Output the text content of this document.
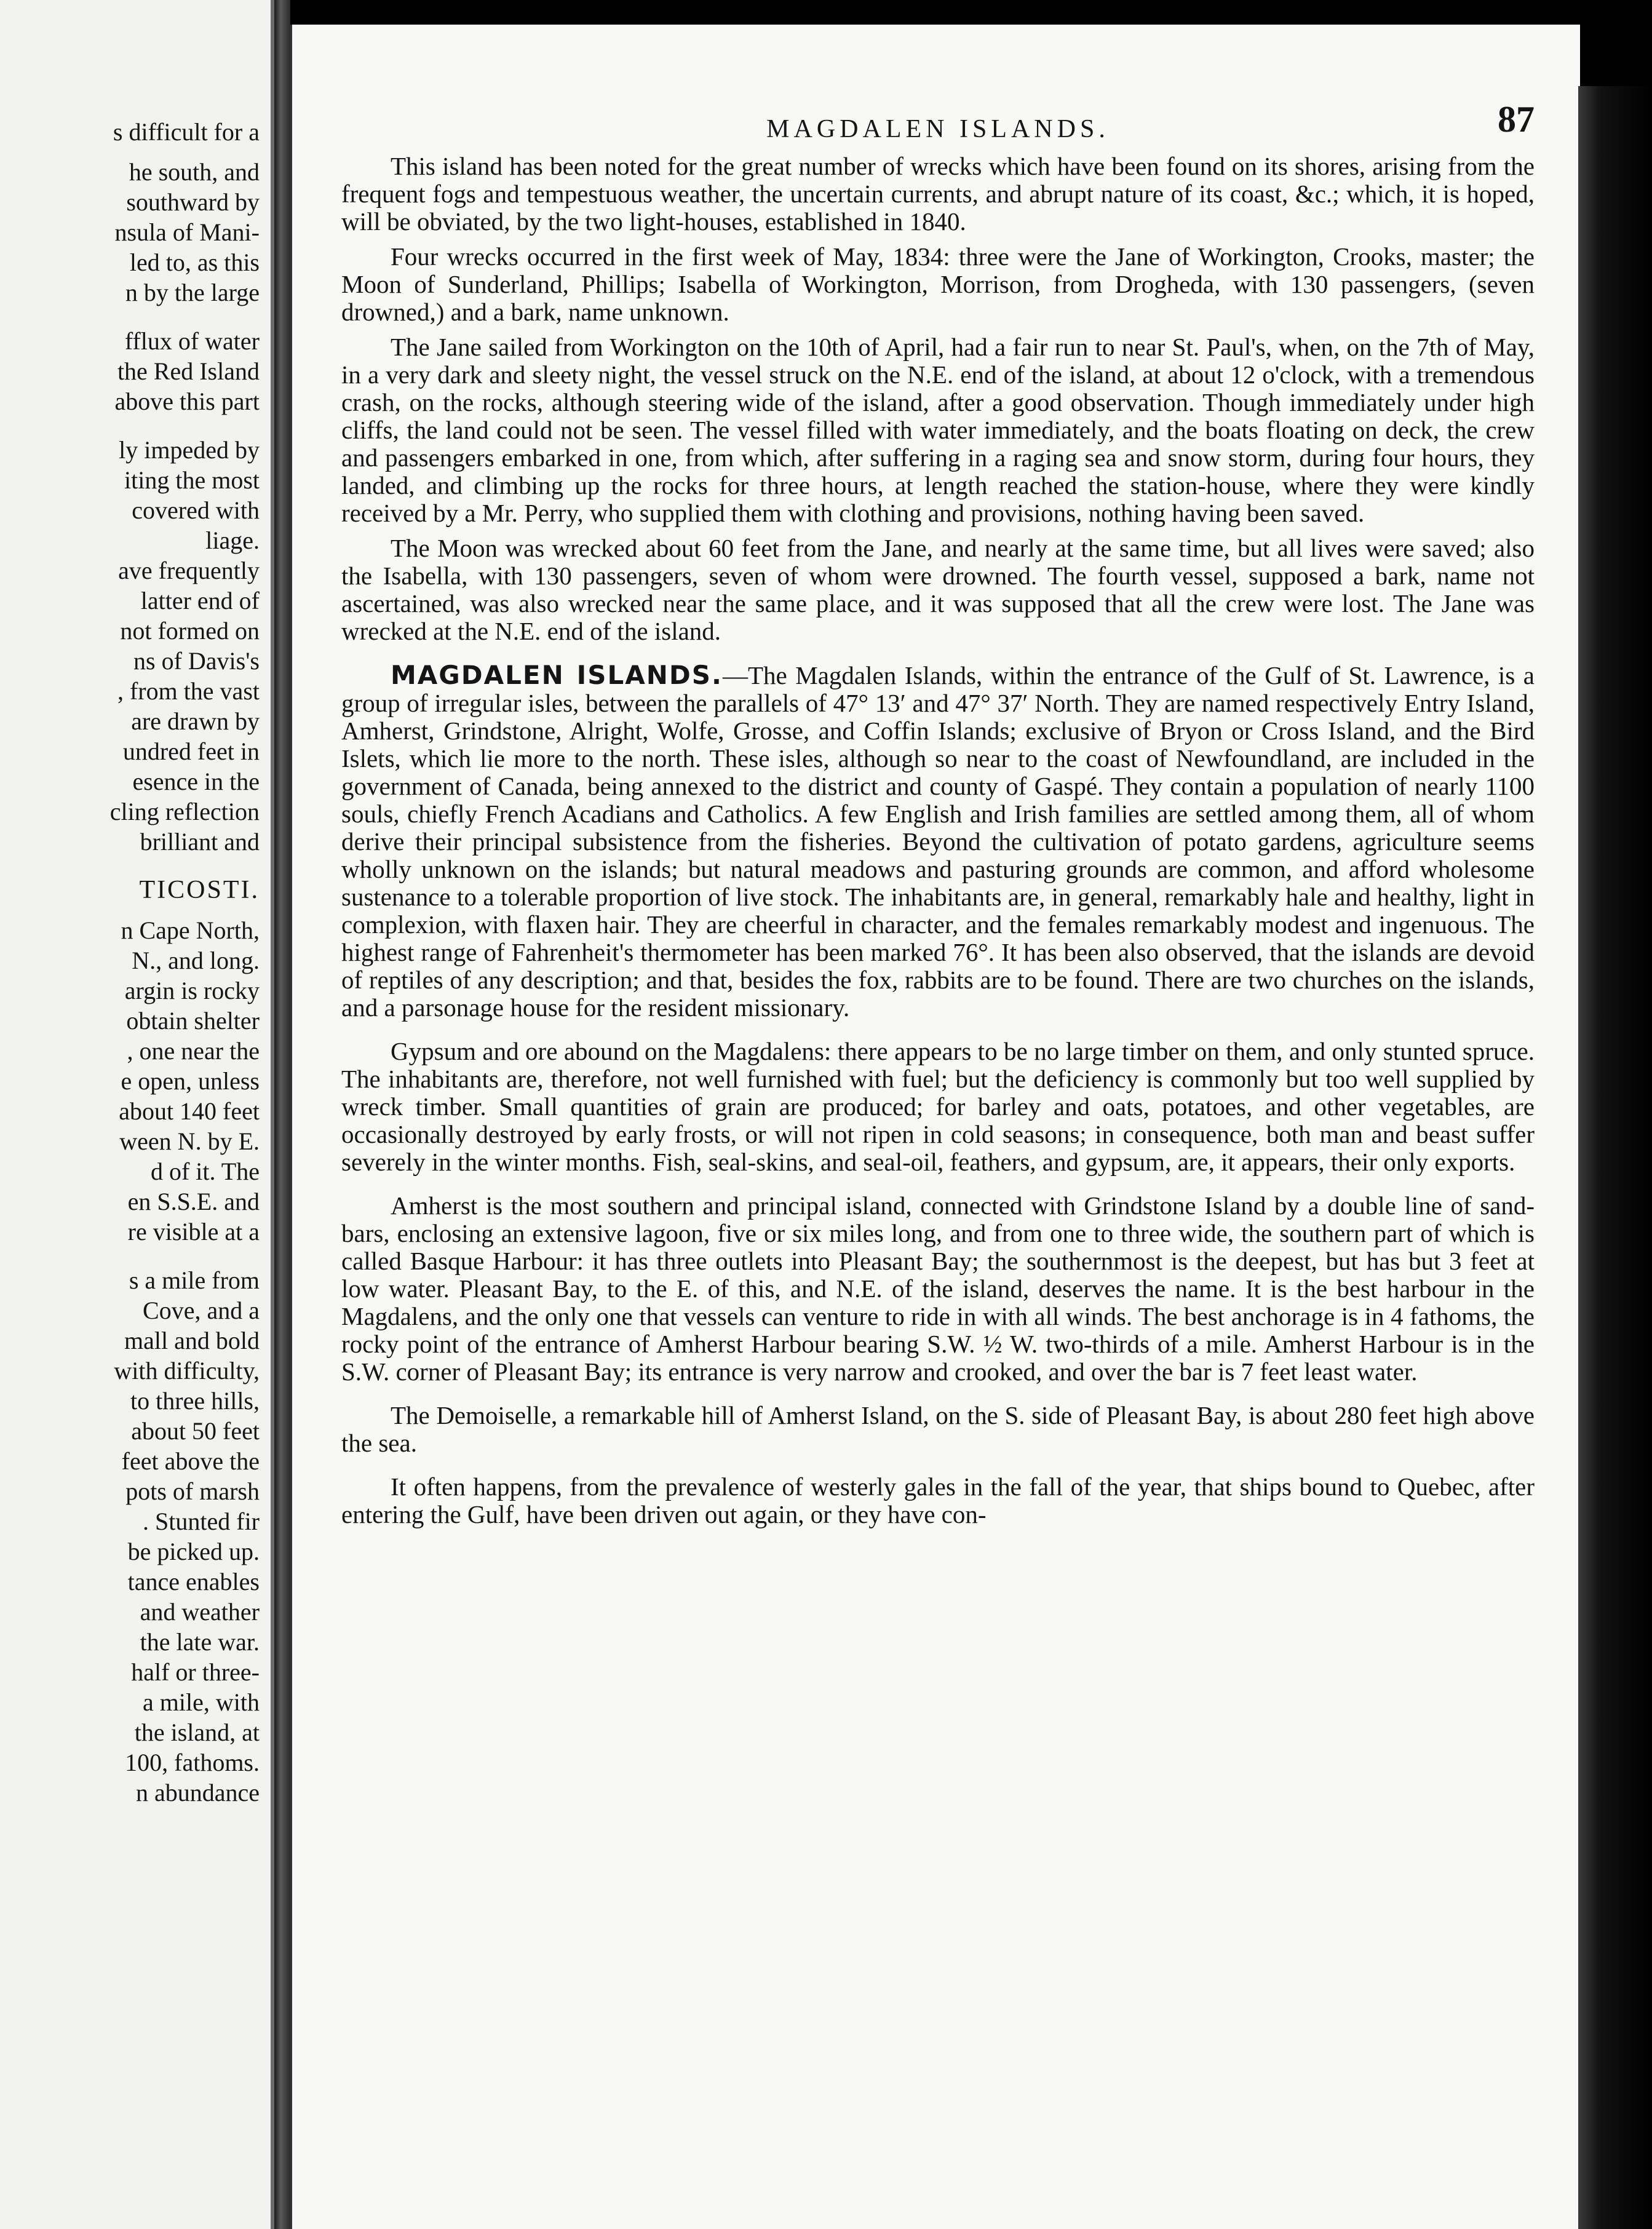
s difficult for a
he south, and
southward by
nsula of Mani-
led to, as this
n by the large
fflux of water
the Red Island
above this part
ly impeded by
iting the most
covered with
liage.
ave frequently
latter end of
not formed on
ns of Davis's
, from the vast
are drawn by
undred feet in
esence in the
cling reflection
brilliant and
TICOSTI.
n Cape North,
N., and long.
argin is rocky
obtain shelter
, one near the
e open, unless
about 140 feet
ween N. by E.
d of it. The
en S.S.E. and
re visible at a
s a mile from
Cove, and a
mall and bold
with difficulty,
to three hills,
about 50 feet
feet above the
pots of marsh
. Stunted fir
be picked up.
tance enables
and weather
the late war.
half or three-
a mile, with
the island, at
100, fathoms.
n abundance
MAGDALEN ISLANDS.	87

This island has been noted for the great number of wrecks which have been found on its shores, arising from the frequent fogs and tempestuous weather, the uncertain currents, and abrupt nature of its coast, &c.; which, it is hoped, will be obviated, by the two light-houses, established in 1840.

Four wrecks occurred in the first week of May, 1834: three were the Jane of Workington, Crooks, master; the Moon of Sunderland, Phillips; Isabella of Workington, Morrison, from Drogheda, with 130 passengers, (seven drowned,) and a bark, name unknown.

The Jane sailed from Workington on the 10th of April, had a fair run to near St. Paul's, when, on the 7th of May, in a very dark and sleety night, the vessel struck on the N.E. end of the island, at about 12 o'clock, with a tremendous crash, on the rocks, although steering wide of the island, after a good observation. Though immediately under high cliffs, the land could not be seen. The vessel filled with water immediately, and the boats floating on deck, the crew and passengers embarked in one, from which, after suffering in a raging sea and snow storm, during four hours, they landed, and climbing up the rocks for three hours, at length reached the station-house, where they were kindly received by a Mr. Perry, who supplied them with clothing and provisions, nothing having been saved.

The Moon was wrecked about 60 feet from the Jane, and nearly at the same time, but all lives were saved; also the Isabella, with 130 passengers, seven of whom were drowned. The fourth vessel, supposed a bark, name not ascertained, was also wrecked near the same place, and it was supposed that all the crew were lost. The Jane was wrecked at the N.E. end of the island.

MAGDALEN ISLANDS.—The Magdalen Islands, within the entrance of the Gulf of St. Lawrence, is a group of irregular isles, between the parallels of 47° 13′ and 47° 37′ North. They are named respectively Entry Island, Amherst, Grindstone, Alright, Wolfe, Grosse, and Coffin Islands; exclusive of Bryon or Cross Island, and the Bird Islets, which lie more to the north. These isles, although so near to the coast of Newfoundland, are included in the government of Canada, being annexed to the district and county of Gaspé. They contain a population of nearly 1100 souls, chiefly French Acadians and Catholics. A few English and Irish families are settled among them, all of whom derive their principal subsistence from the fisheries. Beyond the cultivation of potato gardens, agriculture seems wholly unknown on the islands; but natural meadows and pasturing grounds are common, and afford wholesome sustenance to a tolerable proportion of live stock. The inhabitants are, in general, remarkably hale and healthy, light in complexion, with flaxen hair. They are cheerful in character, and the females remarkably modest and ingenuous. The highest range of Fahrenheit's thermometer has been marked 76°. It has been also observed, that the islands are devoid of reptiles of any description; and that, besides the fox, rabbits are to be found. There are two churches on the islands, and a parsonage house for the resident missionary.

Gypsum and ore abound on the Magdalens: there appears to be no large timber on them, and only stunted spruce. The inhabitants are, therefore, not well furnished with fuel; but the deficiency is commonly but too well supplied by wreck timber. Small quantities of grain are produced; for barley and oats, potatoes, and other vegetables, are occasionally destroyed by early frosts, or will not ripen in cold seasons; in consequence, both man and beast suffer severely in the winter months. Fish, seal-skins, and seal-oil, feathers, and gypsum, are, it appears, their only exports.

Amherst is the most southern and principal island, connected with Grindstone Island by a double line of sand-bars, enclosing an extensive lagoon, five or six miles long, and from one to three wide, the southern part of which is called Basque Harbour: it has three outlets into Pleasant Bay; the southernmost is the deepest, but has but 3 feet at low water. Pleasant Bay, to the E. of this, and N.E. of the island, deserves the name. It is the best harbour in the Magdalens, and the only one that vessels can venture to ride in with all winds. The best anchorage is in 4 fathoms, the rocky point of the entrance of Amherst Harbour bearing S.W. ½ W. two-thirds of a mile. Amherst Harbour is in the S.W. corner of Pleasant Bay; its entrance is very narrow and crooked, and over the bar is 7 feet least water.

The Demoiselle, a remarkable hill of Amherst Island, on the S. side of Pleasant Bay, is about 280 feet high above the sea.

It often happens, from the prevalence of westerly gales in the fall of the year, that ships bound to Quebec, after entering the Gulf, have been driven out again, or they have con-
